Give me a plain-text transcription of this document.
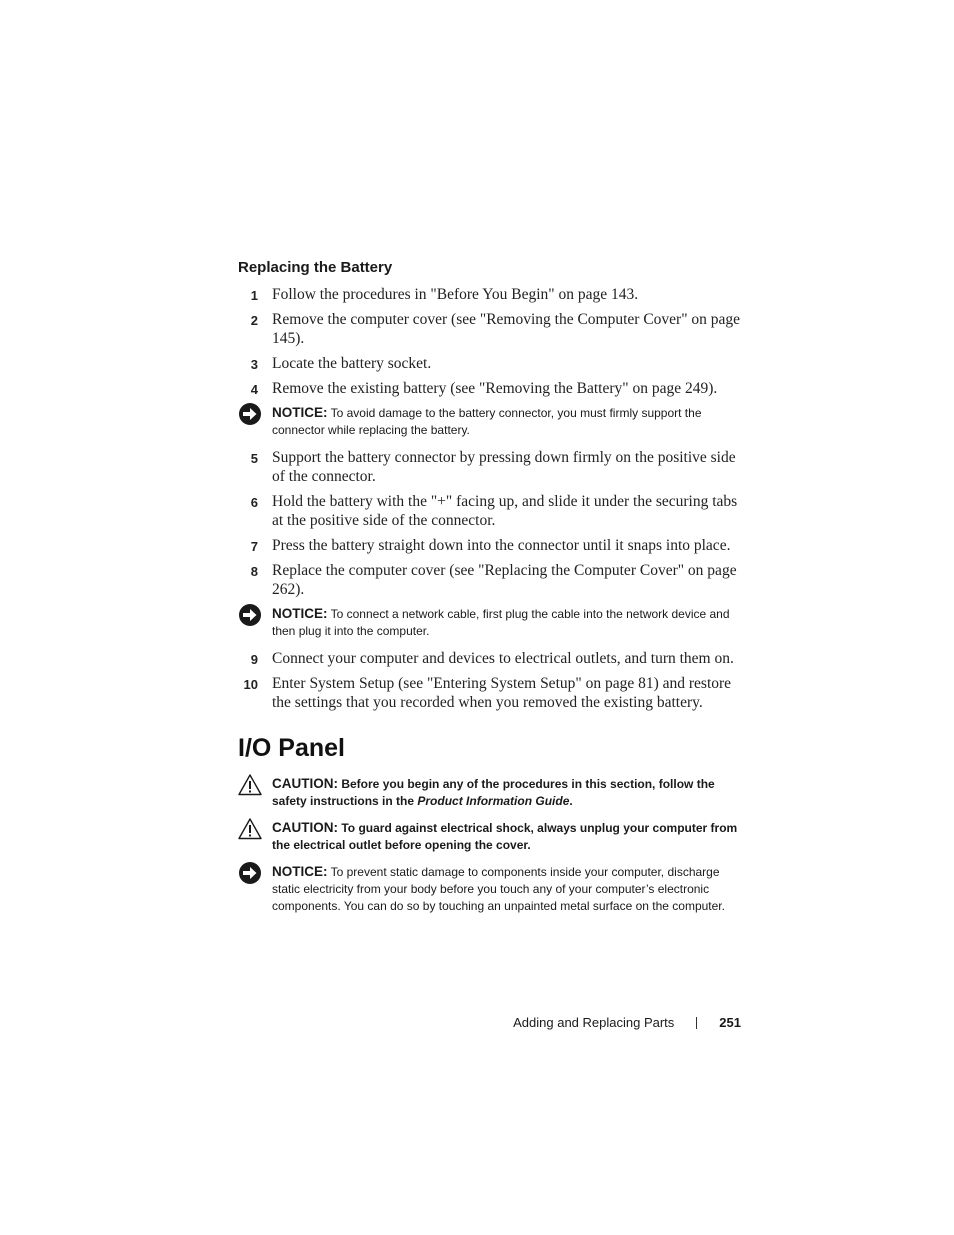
Replacing the Battery
1 Follow the procedures in "Before You Begin" on page 143.
2 Remove the computer cover (see "Removing the Computer Cover" on page 145).
3 Locate the battery socket.
4 Remove the existing battery (see "Removing the Battery" on page 249).
NOTICE: To avoid damage to the battery connector, you must firmly support the connector while replacing the battery.
5 Support the battery connector by pressing down firmly on the positive side of the connector.
6 Hold the battery with the "+" facing up, and slide it under the securing tabs at the positive side of the connector.
7 Press the battery straight down into the connector until it snaps into place.
8 Replace the computer cover (see "Replacing the Computer Cover" on page 262).
NOTICE: To connect a network cable, first plug the cable into the network device and then plug it into the computer.
9 Connect your computer and devices to electrical outlets, and turn them on.
10 Enter System Setup (see "Entering System Setup" on page 81) and restore the settings that you recorded when you removed the existing battery.
I/O Panel
CAUTION: Before you begin any of the procedures in this section, follow the safety instructions in the Product Information Guide.
CAUTION: To guard against electrical shock, always unplug your computer from the electrical outlet before opening the cover.
NOTICE: To prevent static damage to components inside your computer, discharge static electricity from your body before you touch any of your computer’s electronic components. You can do so by touching an unpainted metal surface on the computer.
Adding and Replacing Parts	251
